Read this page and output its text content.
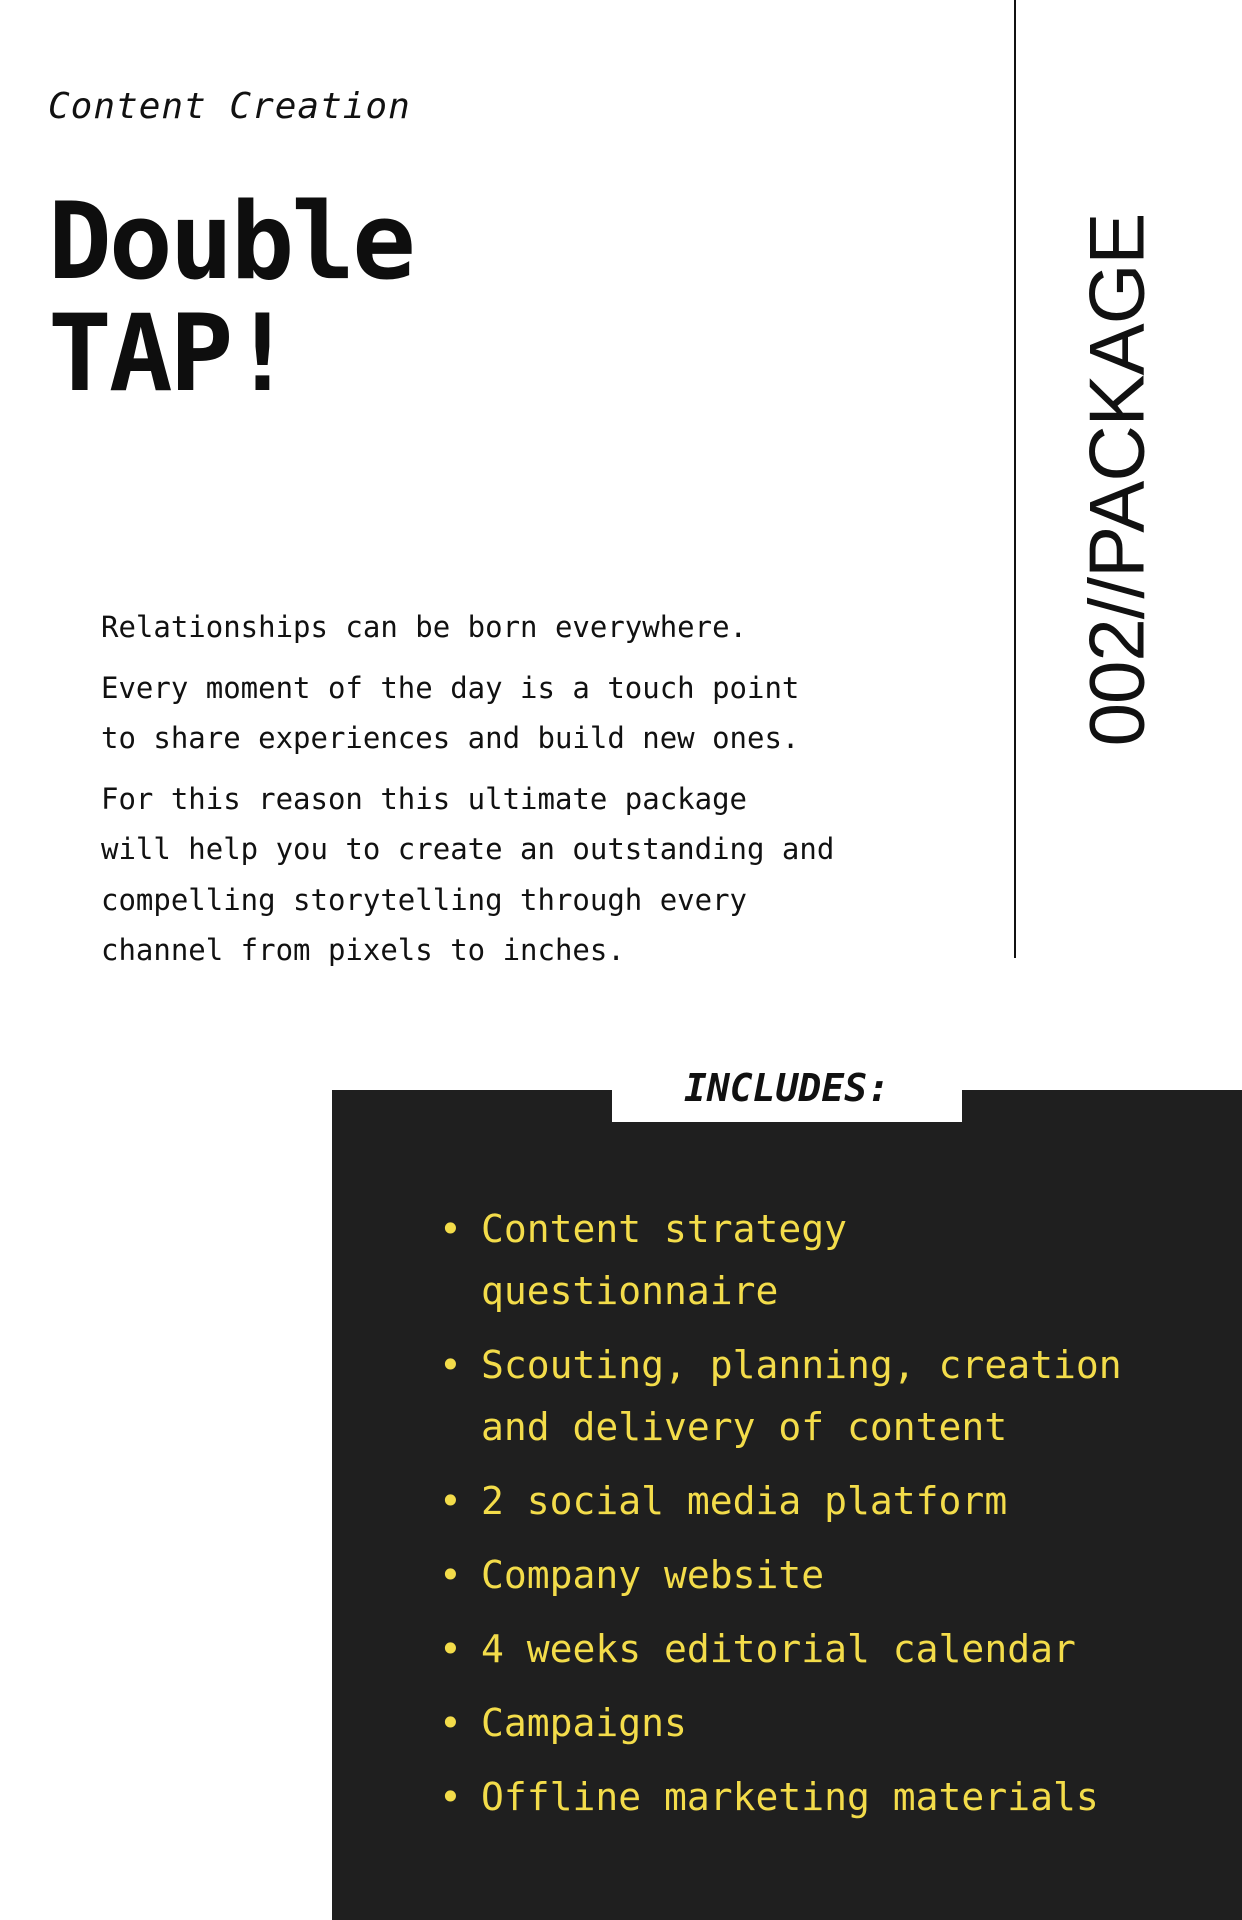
Content Creation
Double
TAP!	002//PACKAGE

Relationships can be born everywhere.

Every moment of the day is a touch point
to share experiences and build new ones.

For this reason this ultimate package
will help you to create an outstanding and
compelling storytelling through every
channel from pixels to inches.

INCLUDES:
• Content strategy questionnaire
• Scouting, planning, creation and delivery of content
• 2 social media platform
• Company website
• 4 weeks editorial calendar
• Campaigns
• Offline marketing materials
